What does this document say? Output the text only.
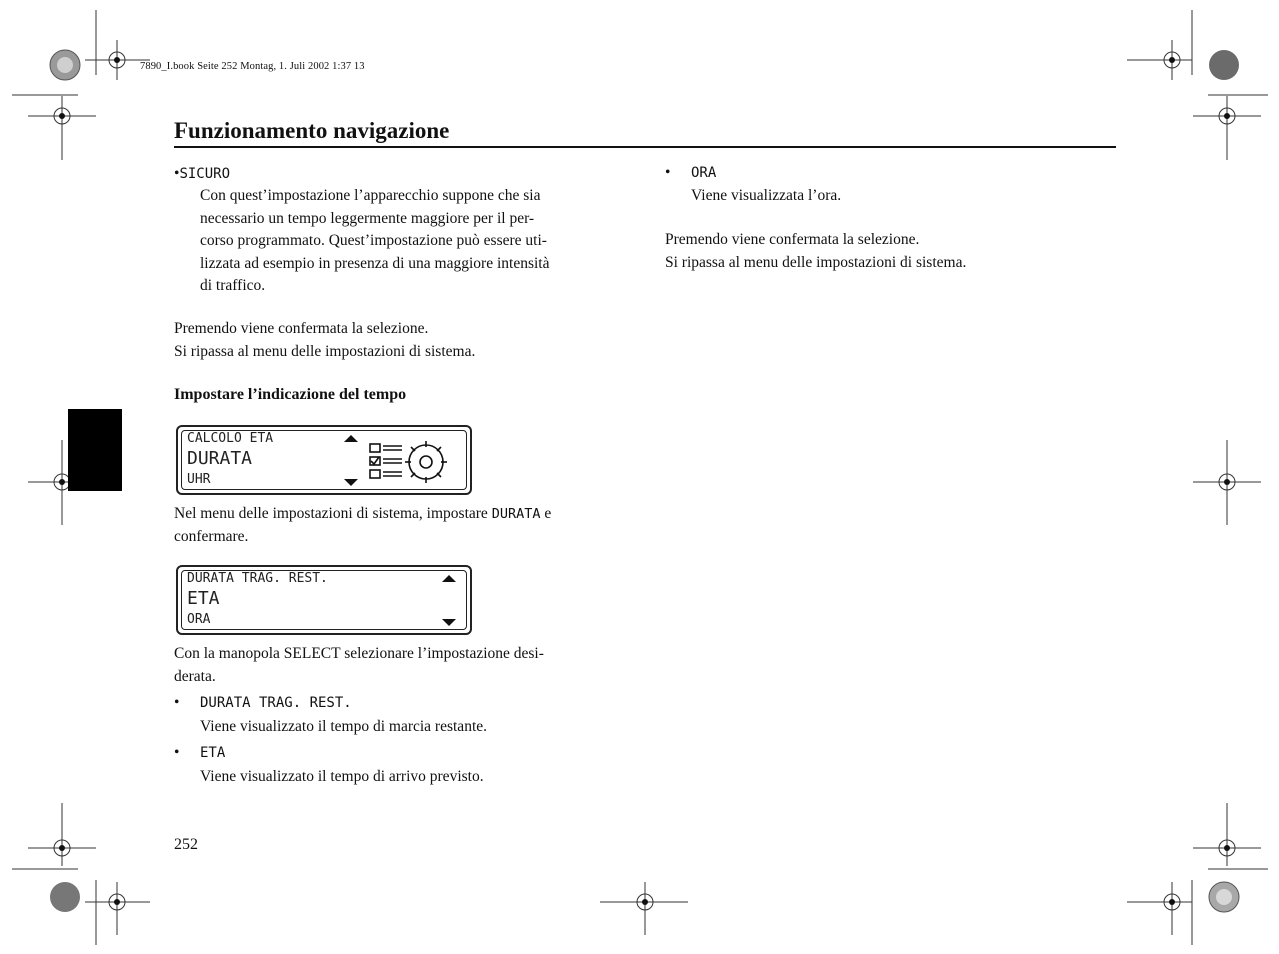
7890_I.book Seite 252 Montag, 1. Juli 2002 1:37 13
Funzionamento navigazione
•SICURO
Con quest’impostazione l’apparecchio suppone che sia
necessario un tempo leggermente maggiore per il per-
corso programmato. Quest’impostazione può essere uti-
lizzata ad esempio in presenza di una maggiore intensità
di traffico.
Premendo viene confermata la selezione.
Si ripassa al menu delle impostazioni di sistema.
Impostare l’indicazione del tempo
CALCOLO ETA
DURATA
UHR
Nel menu delle impostazioni di sistema, impostare DURATA e
confermare.
DURATA TRAG. REST.
ETA
ORA
Con la manopola SELECT selezionare l’impostazione desi-
derata.
• DURATA TRAG. REST.
Viene visualizzato il tempo di marcia restante.
• ETA
Viene visualizzato il tempo di arrivo previsto.
252
• ORA
Viene visualizzata l’ora.
Premendo viene confermata la selezione.
Si ripassa al menu delle impostazioni di sistema.
